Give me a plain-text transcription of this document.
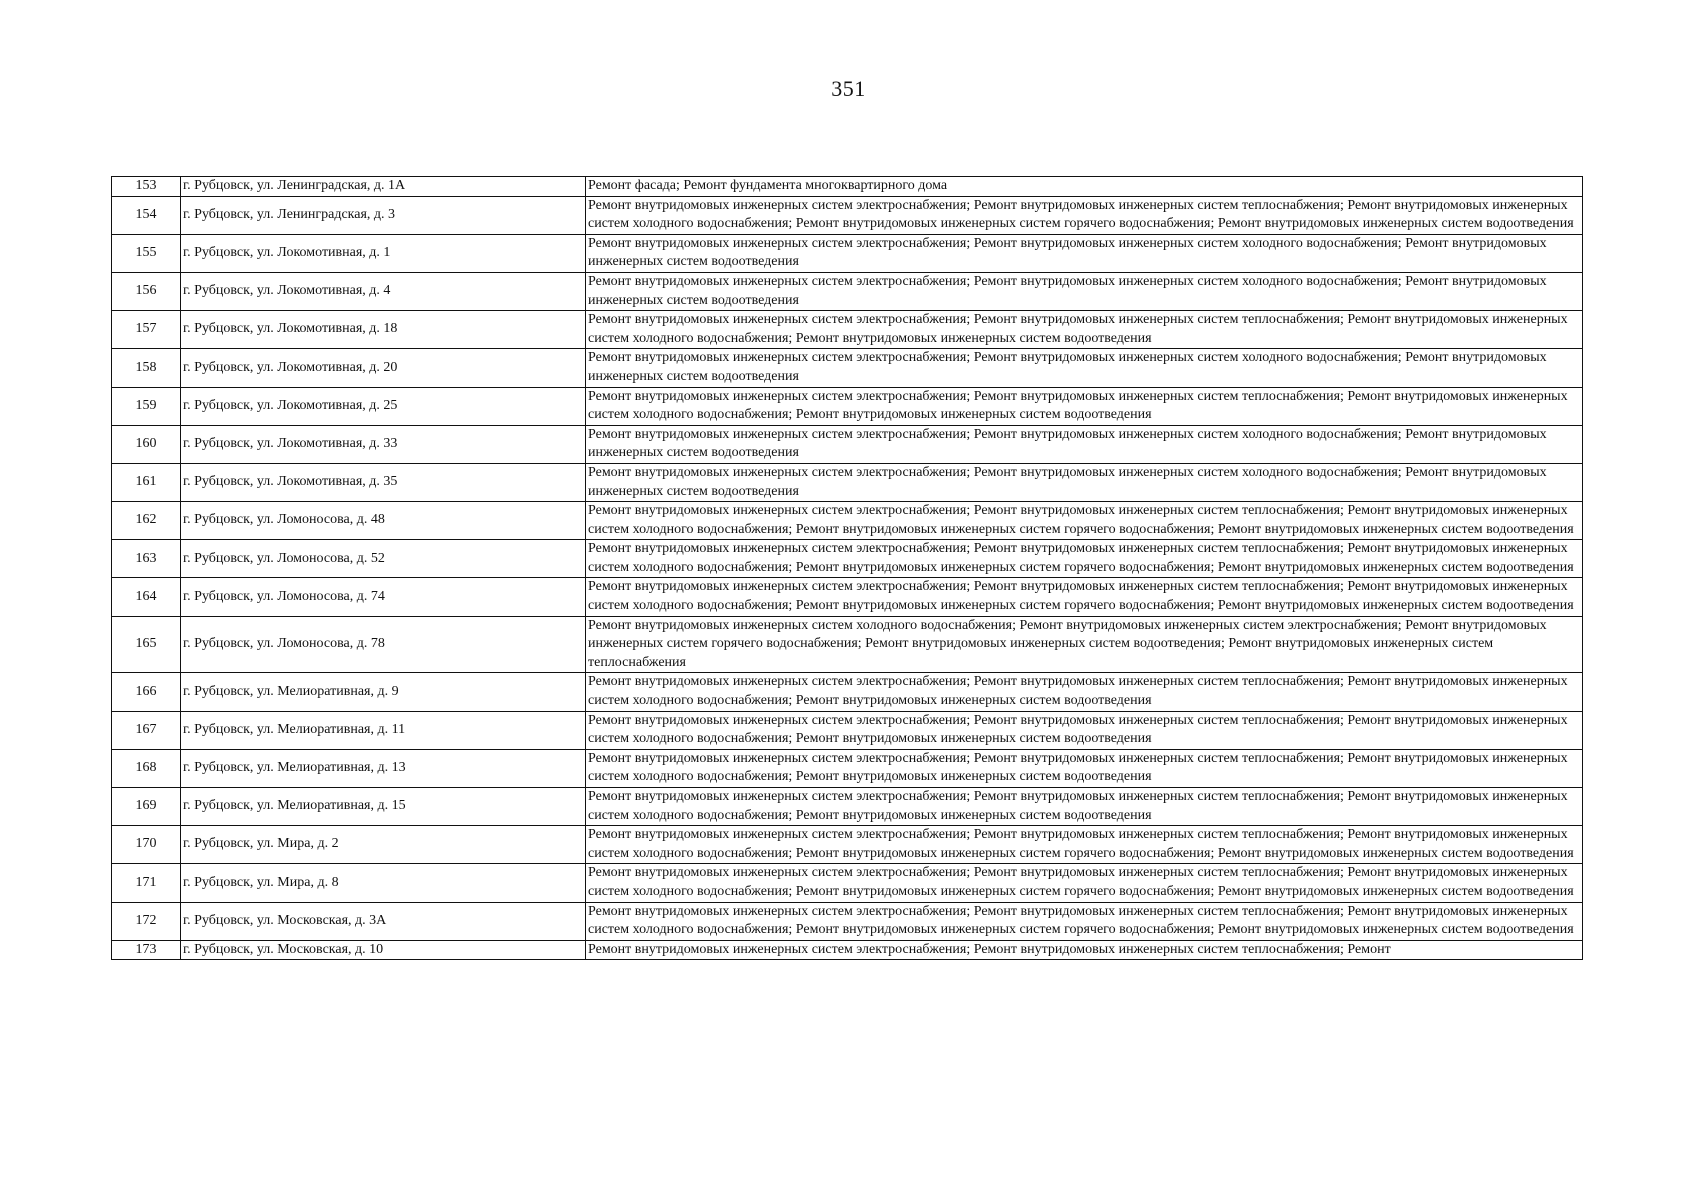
351
153	г. Рубцовск, ул. Ленинградская, д. 1А	Ремонт фасада; Ремонт фундамента многоквартирного дома
154	г. Рубцовск, ул. Ленинградская, д. 3	Ремонт внутридомовых инженерных систем электроснабжения; Ремонт внутридомовых инженерных систем теплоснабжения; Ремонт внутридомовых инженерных систем холодного водоснабжения; Ремонт внутридомовых инженерных систем горячего водоснабжения; Ремонт внутридомовых инженерных систем водоотведения
155	г. Рубцовск, ул. Локомотивная, д. 1	Ремонт внутридомовых инженерных систем электроснабжения; Ремонт внутридомовых инженерных систем холодного водоснабжения; Ремонт внутридомовых инженерных систем водоотведения
156	г. Рубцовск, ул. Локомотивная, д. 4	Ремонт внутридомовых инженерных систем электроснабжения; Ремонт внутридомовых инженерных систем холодного водоснабжения; Ремонт внутридомовых инженерных систем водоотведения
157	г. Рубцовск, ул. Локомотивная, д. 18	Ремонт внутридомовых инженерных систем электроснабжения; Ремонт внутридомовых инженерных систем теплоснабжения; Ремонт внутридомовых инженерных систем холодного водоснабжения; Ремонт внутридомовых инженерных систем водоотведения
158	г. Рубцовск, ул. Локомотивная, д. 20	Ремонт внутридомовых инженерных систем электроснабжения; Ремонт внутридомовых инженерных систем холодного водоснабжения; Ремонт внутридомовых инженерных систем водоотведения
159	г. Рубцовск, ул. Локомотивная, д. 25	Ремонт внутридомовых инженерных систем электроснабжения; Ремонт внутридомовых инженерных систем теплоснабжения; Ремонт внутридомовых инженерных систем холодного водоснабжения; Ремонт внутридомовых инженерных систем водоотведения
160	г. Рубцовск, ул. Локомотивная, д. 33	Ремонт внутридомовых инженерных систем электроснабжения; Ремонт внутридомовых инженерных систем холодного водоснабжения; Ремонт внутридомовых инженерных систем водоотведения
161	г. Рубцовск, ул. Локомотивная, д. 35	Ремонт внутридомовых инженерных систем электроснабжения; Ремонт внутридомовых инженерных систем холодного водоснабжения; Ремонт внутридомовых инженерных систем водоотведения
162	г. Рубцовск, ул. Ломоносова, д. 48	Ремонт внутридомовых инженерных систем электроснабжения; Ремонт внутридомовых инженерных систем теплоснабжения; Ремонт внутридомовых инженерных систем холодного водоснабжения; Ремонт внутридомовых инженерных систем горячего водоснабжения; Ремонт внутридомовых инженерных систем водоотведения
163	г. Рубцовск, ул. Ломоносова, д. 52	Ремонт внутридомовых инженерных систем электроснабжения; Ремонт внутридомовых инженерных систем теплоснабжения; Ремонт внутридомовых инженерных систем холодного водоснабжения; Ремонт внутридомовых инженерных систем горячего водоснабжения; Ремонт внутридомовых инженерных систем водоотведения
164	г. Рубцовск, ул. Ломоносова, д. 74	Ремонт внутридомовых инженерных систем электроснабжения; Ремонт внутридомовых инженерных систем теплоснабжения; Ремонт внутридомовых инженерных систем холодного водоснабжения; Ремонт внутридомовых инженерных систем горячего водоснабжения; Ремонт внутридомовых инженерных систем водоотведения
165	г. Рубцовск, ул. Ломоносова, д. 78	Ремонт внутридомовых инженерных систем холодного водоснабжения; Ремонт внутридомовых инженерных систем электроснабжения; Ремонт внутридомовых инженерных систем горячего водоснабжения; Ремонт внутридомовых инженерных систем водоотведения; Ремонт внутридомовых инженерных систем теплоснабжения
166	г. Рубцовск, ул. Мелиоративная, д. 9	Ремонт внутридомовых инженерных систем электроснабжения; Ремонт внутридомовых инженерных систем теплоснабжения; Ремонт внутридомовых инженерных систем холодного водоснабжения; Ремонт внутридомовых инженерных систем водоотведения
167	г. Рубцовск, ул. Мелиоративная, д. 11	Ремонт внутридомовых инженерных систем электроснабжения; Ремонт внутридомовых инженерных систем теплоснабжения; Ремонт внутридомовых инженерных систем холодного водоснабжения; Ремонт внутридомовых инженерных систем водоотведения
168	г. Рубцовск, ул. Мелиоративная, д. 13	Ремонт внутридомовых инженерных систем электроснабжения; Ремонт внутридомовых инженерных систем теплоснабжения; Ремонт внутридомовых инженерных систем холодного водоснабжения; Ремонт внутридомовых инженерных систем водоотведения
169	г. Рубцовск, ул. Мелиоративная, д. 15	Ремонт внутридомовых инженерных систем электроснабжения; Ремонт внутридомовых инженерных систем теплоснабжения; Ремонт внутридомовых инженерных систем холодного водоснабжения; Ремонт внутридомовых инженерных систем водоотведения
170	г. Рубцовск, ул. Мира, д. 2	Ремонт внутридомовых инженерных систем электроснабжения; Ремонт внутридомовых инженерных систем теплоснабжения; Ремонт внутридомовых инженерных систем холодного водоснабжения; Ремонт внутридомовых инженерных систем горячего водоснабжения; Ремонт внутридомовых инженерных систем водоотведения
171	г. Рубцовск, ул. Мира, д. 8	Ремонт внутридомовых инженерных систем электроснабжения; Ремонт внутридомовых инженерных систем теплоснабжения; Ремонт внутридомовых инженерных систем холодного водоснабжения; Ремонт внутридомовых инженерных систем горячего водоснабжения; Ремонт внутридомовых инженерных систем водоотведения
172	г. Рубцовск, ул. Московская, д. 3А	Ремонт внутридомовых инженерных систем электроснабжения; Ремонт внутридомовых инженерных систем теплоснабжения; Ремонт внутридомовых инженерных систем холодного водоснабжения; Ремонт внутридомовых инженерных систем горячего водоснабжения; Ремонт внутридомовых инженерных систем водоотведения
173	г. Рубцовск, ул. Московская, д. 10	Ремонт внутридомовых инженерных систем электроснабжения; Ремонт внутридомовых инженерных систем теплоснабжения; Ремонт
